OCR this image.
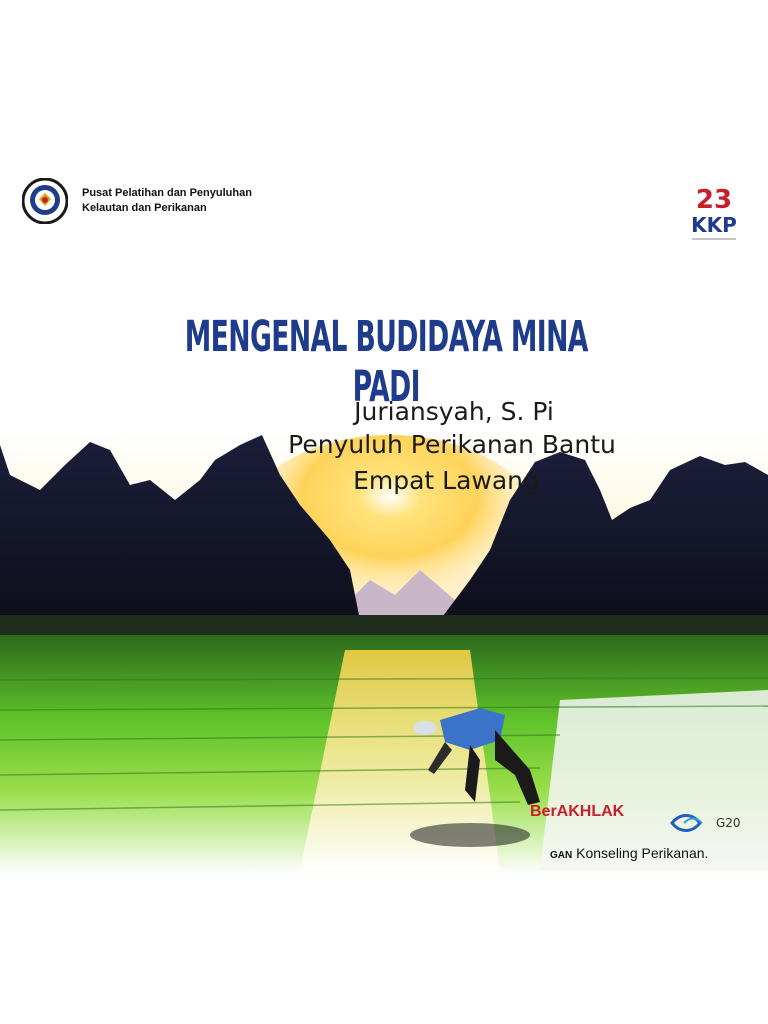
Pusat Pelatihan dan Penyuluhan
Kelautan dan Perikanan	23
KKP
MENGENAL BUDIDAYA MINA PADI
Juriansyah, S. Pi
Penyuluh Perikanan Bantu
Empat Lawang
BerAKHLAK
G20
GAN Konseling Perikanan.
